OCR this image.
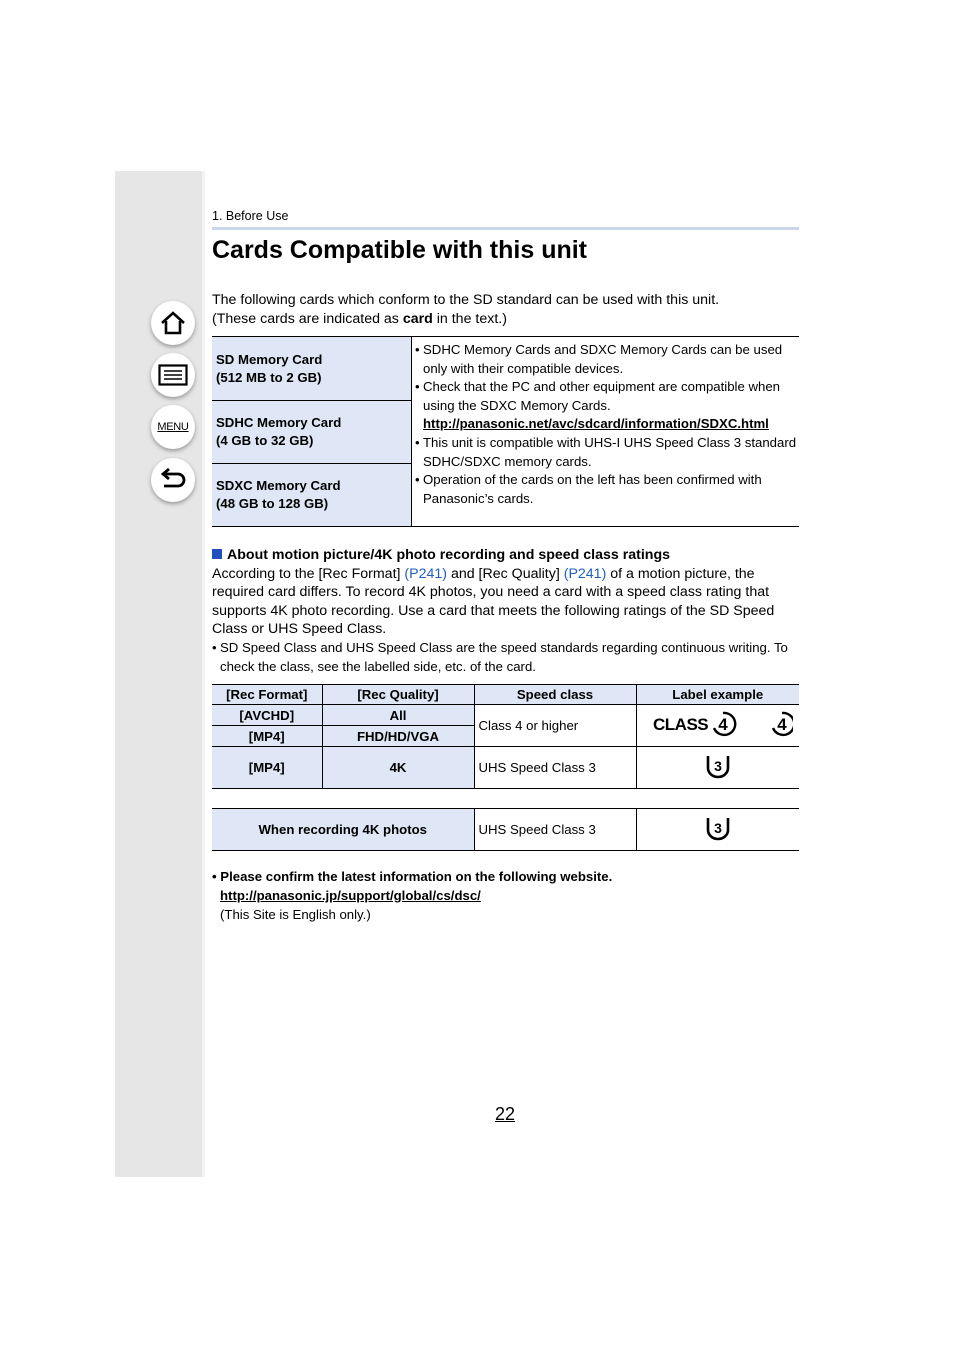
MENU
1. Before Use
Cards Compatible with this unit
The following cards which conform to the SD standard can be used with this unit.
(These cards are indicated as card in the text.)
SD Memory Card
(512 MB to 2 GB)
SDHC Memory Card
(4 GB to 32 GB)
SDXC Memory Card
(48 GB to 128 GB)
• SDHC Memory Cards and SDXC Memory Cards can be used only with their compatible devices.
• Check that the PC and other equipment are compatible when using the SDXC Memory Cards.
http://panasonic.net/avc/sdcard/information/SDXC.html
• This unit is compatible with UHS-I UHS Speed Class 3 standard SDHC/SDXC memory cards.
• Operation of the cards on the left has been confirmed with Panasonic’s cards.
About motion picture/4K photo recording and speed class ratings
According to the [Rec Format] (P241) and [Rec Quality] (P241) of a motion picture, the required card differs. To record 4K photos, you need a card with a speed class rating that supports 4K photo recording. Use a card that meets the following ratings of the SD Speed Class or UHS Speed Class.
• SD Speed Class and UHS Speed Class are the speed standards regarding continuous writing. To check the class, see the labelled side, etc. of the card.
[Rec Format]	[Rec Quality]	Speed class	Label example
[AVCHD]	All	Class 4 or higher	CLASS 4 4

[MP4]	FHD/HD/VGA		
[MP4]	4K	UHS Speed Class 3	3
When recording 4K photos	UHS Speed Class 3	3
• Please confirm the latest information on the following website.
http://panasonic.jp/support/global/cs/dsc/
(This Site is English only.)
22
